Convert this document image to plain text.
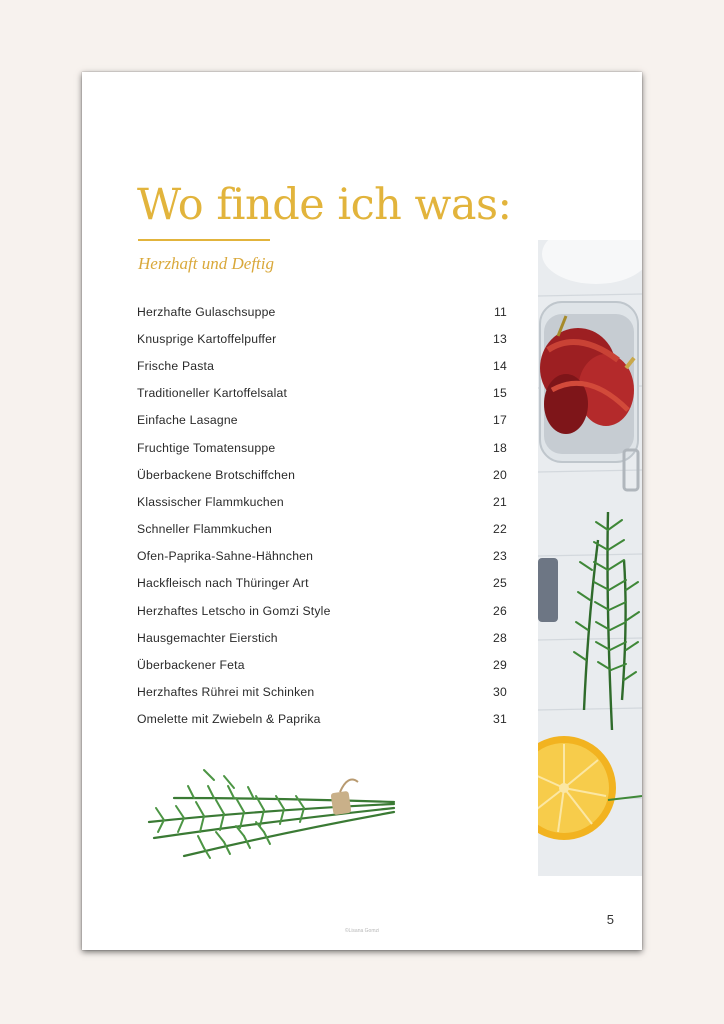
Wo finde ich was:
Herzhaft und Deftig
Herzhafte Gulaschsuppe	11
Knusprige Kartoffelpuffer	13
Frische Pasta	14
Traditioneller Kartoffelsalat	15
Einfache Lasagne	17
Fruchtige Tomatensuppe	18
Überbackene Brotschiffchen	20
Klassischer Flammkuchen	21
Schneller Flammkuchen	22
Ofen-Paprika-Sahne-Hähnchen	23
Hackfleisch nach Thüringer Art	25
Herzhaftes Letscho in Gomzi Style	26
Hausgemachter Eierstich	28
Überbackener Feta	29
Herzhaftes Rührei mit Schinken	30
Omelette mit Zwiebeln & Paprika	31
©Lisana Gomzi
5
